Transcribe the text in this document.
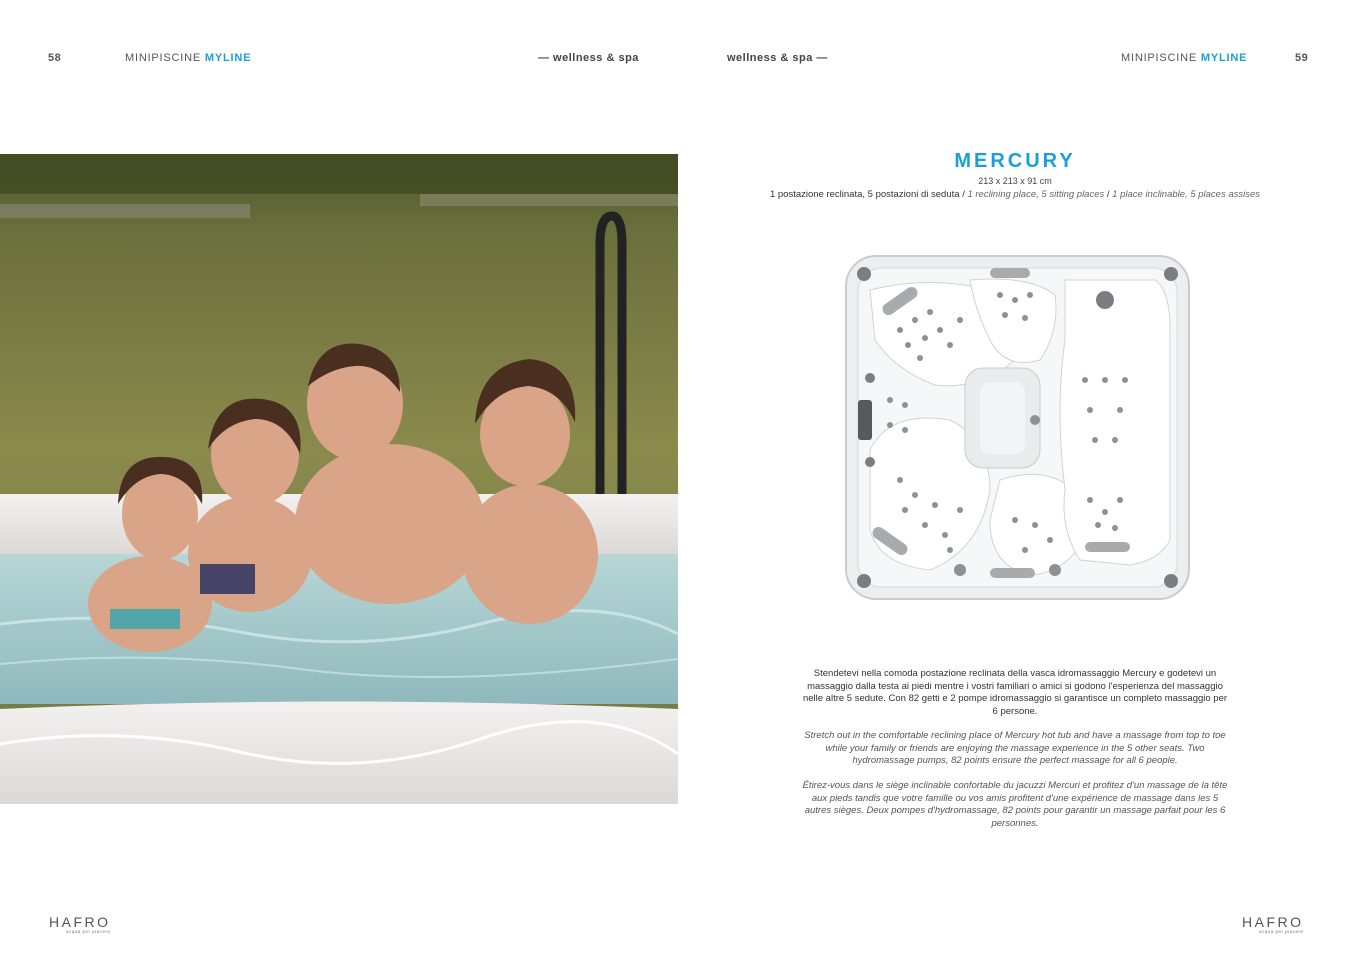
58	MINIPISCINE MYLINE	— wellness & spa	wellness & spa —	MINIPISCINE MYLINE	59
MERCURY
213 x 213 x 91 cm
1 postazione reclinata, 5 postazioni di seduta / 1 reclining place, 5 sitting places / 1 place inclinable, 5 places assises
Stendetevi nella comoda postazione reclinata della vasca idromassaggio Mercury e godetevi un massaggio dalla testa ai piedi mentre i vostri familiari o amici si godono l'esperienza del massaggio nelle altre 5 sedute. Con 82 getti e 2 pompe idromassaggio si garantisce un completo massaggio per 6 persone.
Stretch out in the comfortable reclining place of Mercury hot tub and have a massage from top to toe while your family or friends are enjoying the massage experience in the 5 other seats. Two hydromassage pumps, 82 points ensure the perfect massage for all 6 people.
Étirez-vous dans le siège inclinable confortable du jacuzzi Mercuri et profitez d'un massage de la tête aux pieds tandis que votre famille ou vos amis profitent d'une expérience de massage dans les 5 autres sièges. Deux pompes d'hydromassage, 82 points pour garantir un massage parfait pour les 6 personnes.
HAFRO
acqua per piacere
HAFRO
acqua per piacere
